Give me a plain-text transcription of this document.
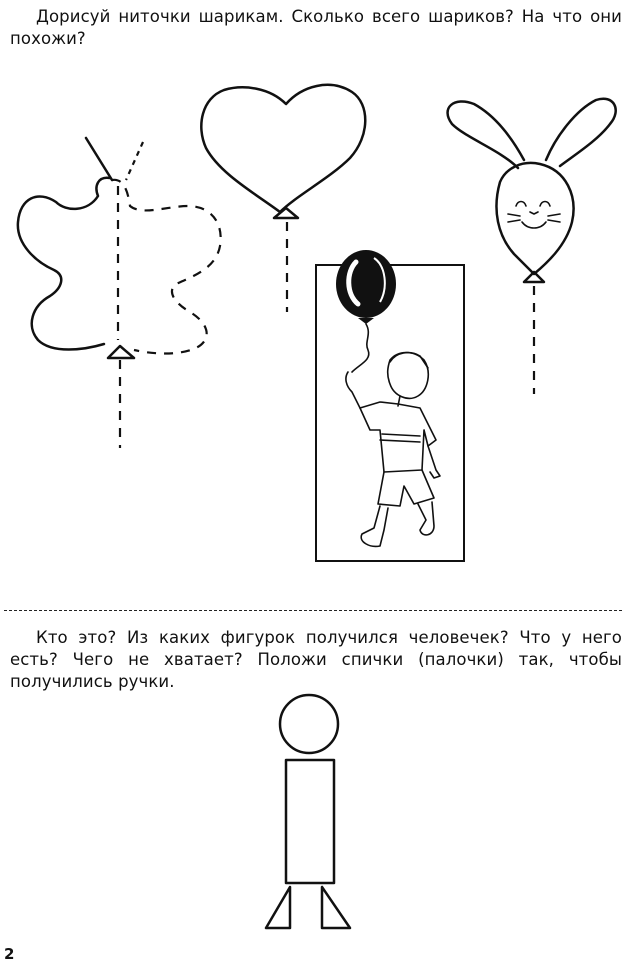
Дорисуй ниточки шарикам. Сколько всего шариков? На что они похожи?

Кто это? Из каких фигурок получился человечек? Что у него есть? Чего не хватает? Положи спички (палочки) так, чтобы получились ручки.

2
